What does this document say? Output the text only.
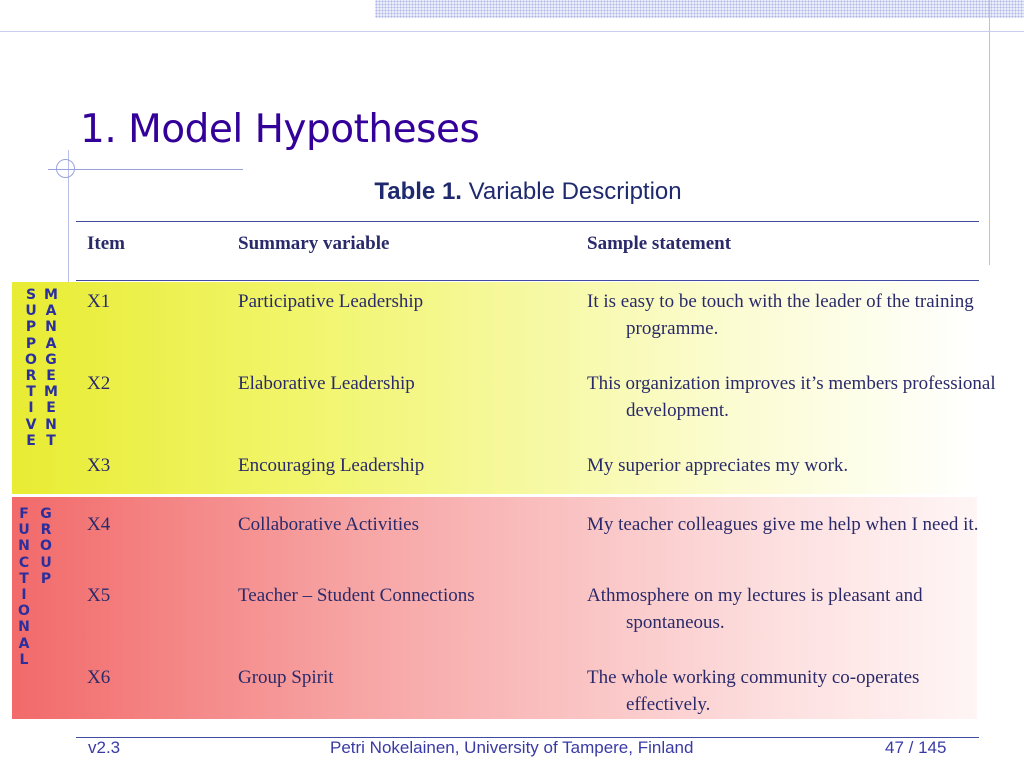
1. Model Hypotheses
Table 1. Variable Description
SUPPORTIVE
MANAGEMENT
FUNCTIONAL
GROUP
Item	Summary variable	Sample statement
X1	Participative Leadership	It is easy to be touch with the leader of the training programme.
X2	Elaborative Leadership	This organization improves it’s members professional development.
X3	Encouraging Leadership	My superior appreciates my work.
X4	Collaborative Activities	My teacher colleagues give me help when I need it.
X5	Teacher – Student Connections	Athmosphere on my lectures is pleasant and spontaneous.
X6	Group Spirit	The whole working community co-operates effectively.
v2.3	Petri Nokelainen, University of Tampere, Finland	47 / 145
